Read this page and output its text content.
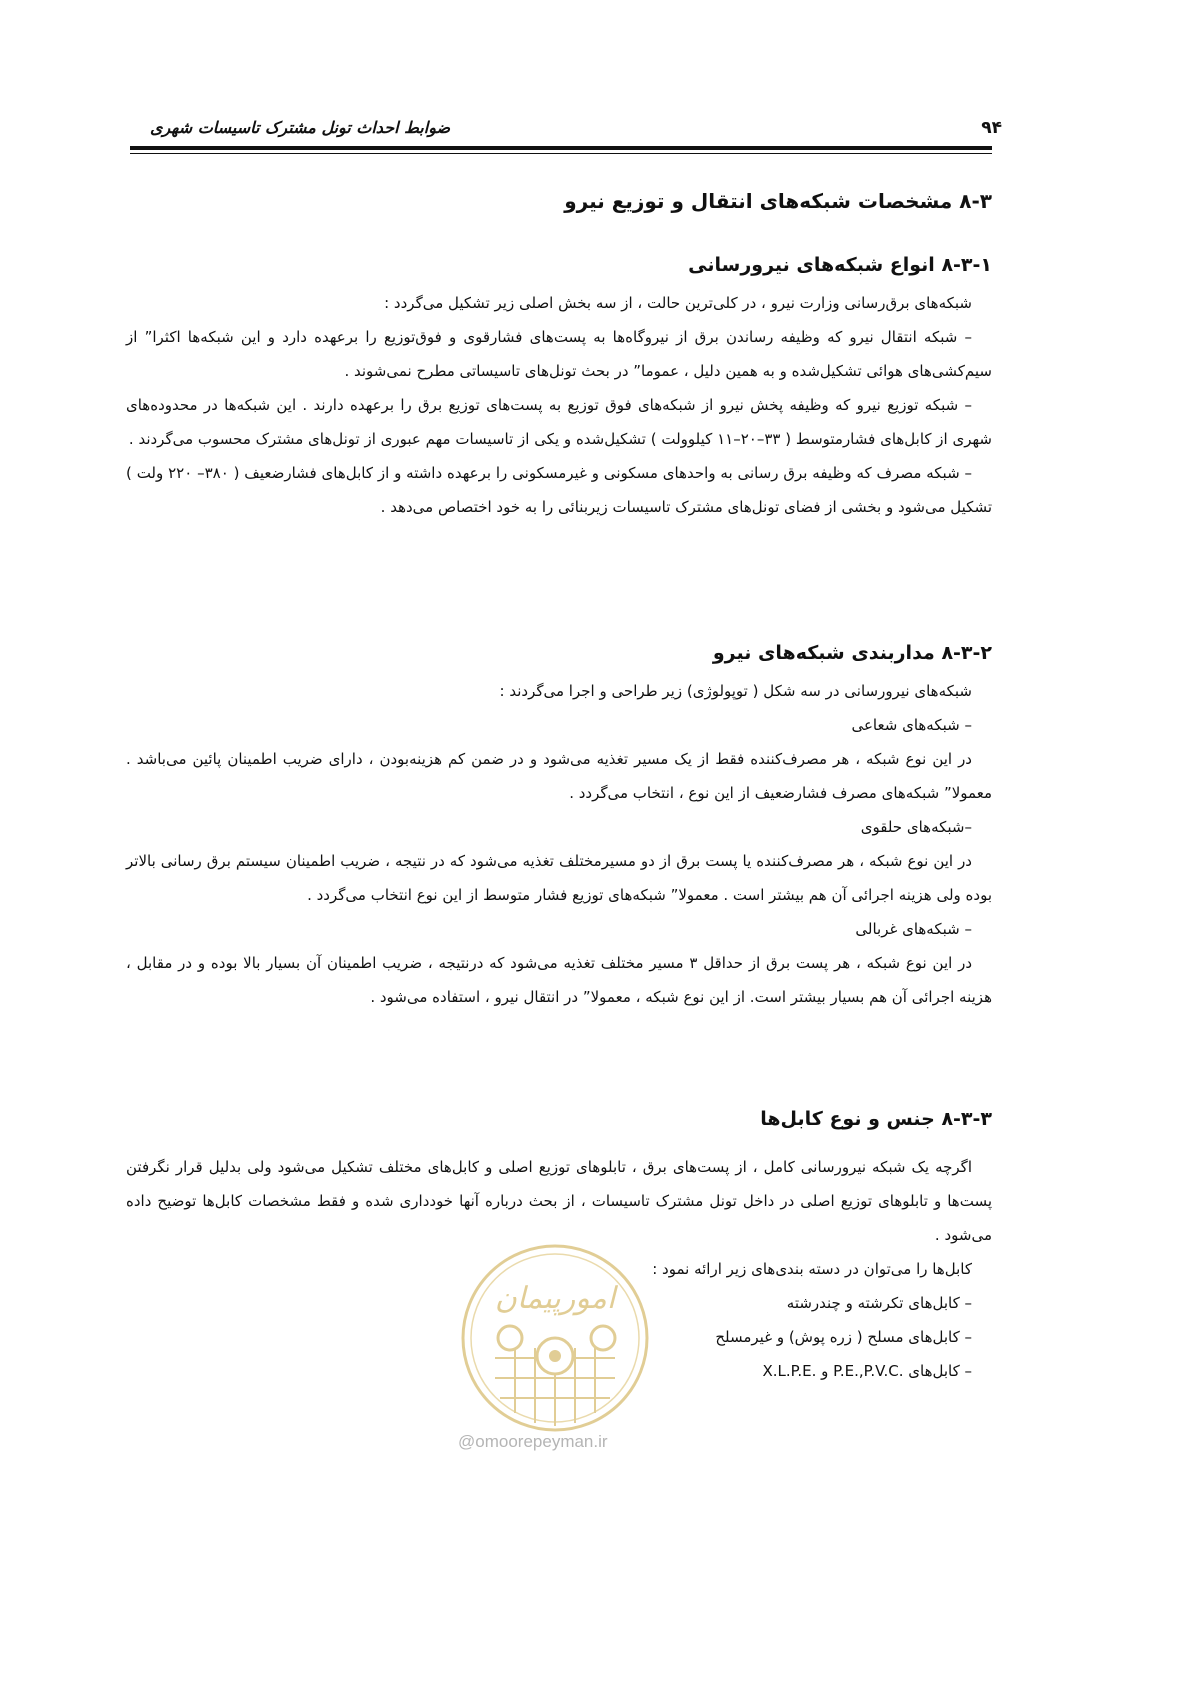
۹۴
ضوابط احداث تونل مشترک تاسیسات شهری
۸-۳ مشخصات شبکه‌های انتقال و توزیع نیرو
۸-۳-۱ انواع شبکه‌های نیرورسانی

شبکه‌های برق‌رسانی وزارت نیرو ، در کلی‌ترین حالت ، از سه بخش اصلی زیر تشکیل می‌گردد :

– شبکه انتقال نیرو که وظیفه رساندن برق از نیروگاه‌ها به پست‌های فشارقوی و فوق‌توزیع را برعهده دارد و این شبکه‌ها اکثرا” از سیم‌کشی‌های هوائی تشکیل‌شده و به همین دلیل ، عموما” در بحث تونل‌های تاسیساتی مطرح نمی‌شوند .

– شبکه توزیع نیرو که وظیفه پخش نیرو از شبکه‌های فوق توزیع به پست‌های توزیع برق را برعهده دارند . این شبکه‌ها در محدوده‌های شهری از کابل‌های فشارمتوسط ( ۳۳–۲۰–۱۱ کیلوولت ) تشکیل‌شده و یکی از تاسیسات مهم عبوری از تونل‌های مشترک محسوب می‌گردند .

– شبکه مصرف که وظیفه برق رسانی به واحدهای مسکونی و غیرمسکونی را برعهده داشته و از کابل‌های فشارضعیف ( ۳۸۰– ۲۲۰ ولت ) تشکیل می‌شود و بخشی از فضای تونل‌های مشترک تاسیسات زیربنائی را به خود اختصاص می‌دهد .

۸-۳-۲ مداربندی شبکه‌های نیرو

شبکه‌های نیرورسانی در سه شکل ( توپولوژی) زیر طراحی و اجرا می‌گردند :

– شبکه‌های شعاعی

در این نوع شبکه ، هر مصرف‌کننده فقط از یک مسیر تغذیه می‌شود و در ضمن کم هزینه‌بودن ، دارای ضریب اطمینان پائین می‌باشد . معمولا” شبکه‌های مصرف فشارضعیف از این نوع ، انتخاب می‌گردد .

–شبکه‌های حلقوی

در این نوع شبکه ، هر مصرف‌کننده یا پست برق از دو مسیرمختلف تغذیه می‌شود که در نتیجه ، ضریب اطمینان سیستم برق رسانی بالاتر بوده ولی هزینه اجرائی آن هم بیشتر است . معمولا” شبکه‌های توزیع فشار متوسط از این نوع انتخاب می‌گردد .

– شبکه‌های غربالی

در این نوع شبکه ، هر پست برق از حداقل ۳ مسیر مختلف تغذیه می‌شود که درنتیجه ، ضریب اطمینان آن بسیار بالا بوده و در مقابل ، هزینه اجرائی آن هم بسیار بیشتر است. از این نوع شبکه ، معمولا” در انتقال نیرو ، استفاده می‌شود .

۸-۳-۳ جنس و نوع کابل‌ها

اگرچه یک شبکه نیرورسانی کامل ، از پست‌های برق ، تابلوهای توزیع اصلی و کابل‌های مختلف تشکیل می‌شود ولی بدلیل قرار نگرفتن پست‌ها و تابلوهای توزیع اصلی در داخل تونل مشترک تاسیسات ، از بحث درباره آنها خودداری شده و فقط مشخصات کابل‌ها توضیح داده می‌شود .

کابل‌ها را می‌توان در دسته بندی‌های زیر ارائه نمود :

– کابل‌های تکرشته و چندرشته

– کابل‌های مسلح ( زره پوش) و غیرمسلح

– کابل‌های .P.E.,P.V.C و .X.L.P.E

امورپیمان
@omoorepeyman.ir
